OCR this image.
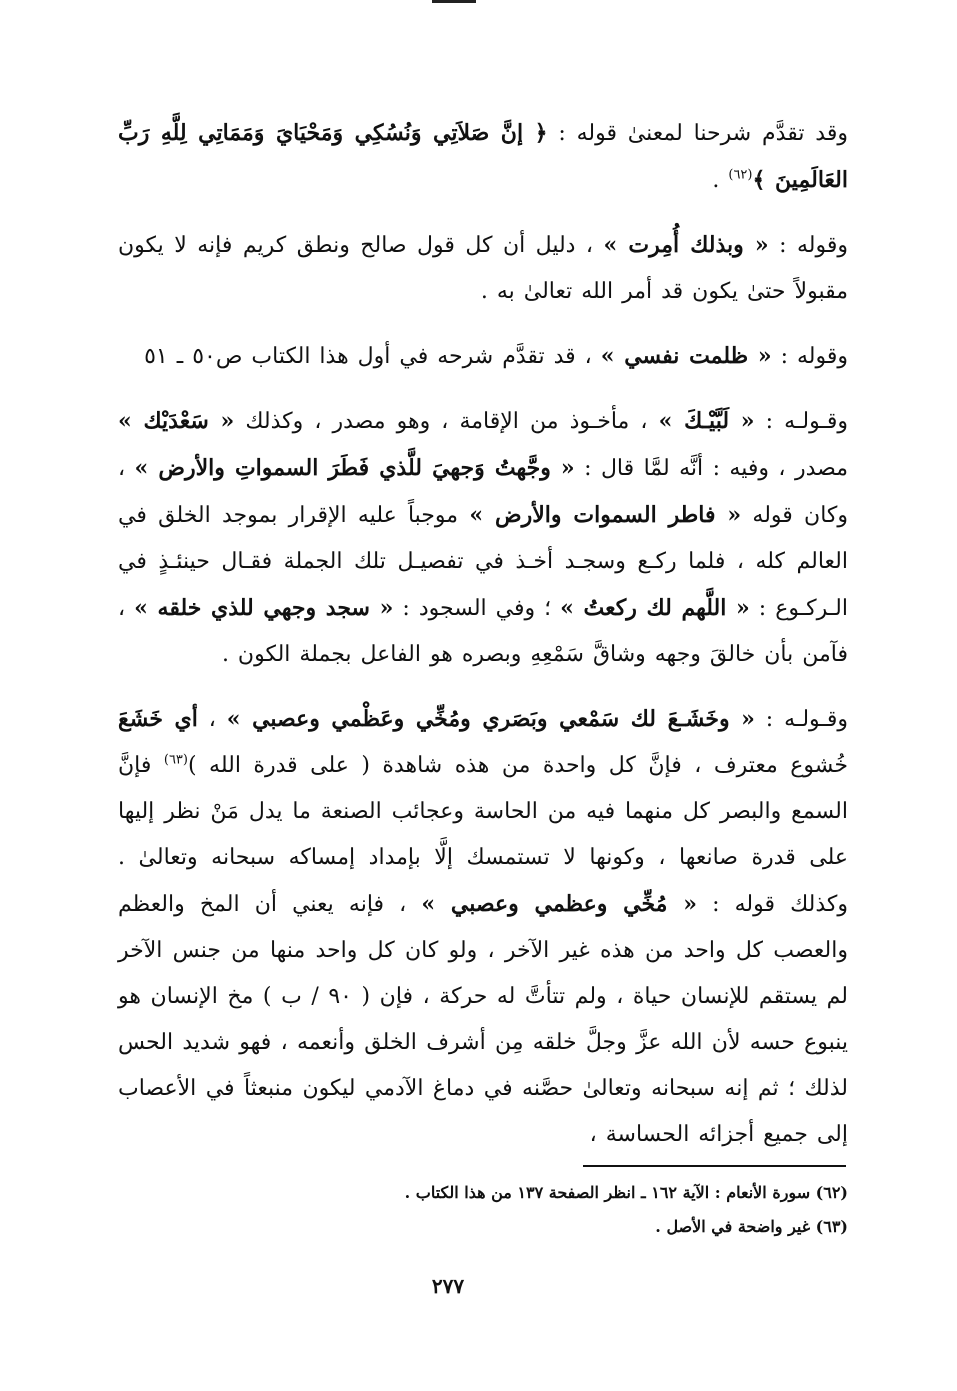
وقد تقدَّم شرحنا لمعنىٰ قوله : ﴿ إنَّ صَلاَتِي وَنُسُكِي وَمَحْيَايَ وَمَمَاتِي لِلَّهِ رَبِّ العَالَمِينَ ﴾$^{(٦٢)}$ .

وقوله : « وبذلك أُمِرت » ، دليل أن كل قول صالح ونطق كريم فإنه لا يكون مقبولاً حتىٰ يكون قد أمر الله تعالىٰ به .

وقوله : « ظلمت نفسي » ، قد تقدَّم شرحه في أول هذا الكتاب ص٥٠ ـ ٥١

وقـولـه : « لَبَّيْـكَ » ، مأخـوذ من الإقامة ، وهو مصدر ، وكذلك « سَعْدَيْك » مصدر ، وفيه : أنَّه لمَّا قال : « وجَّهتُ وَجهيَ للَّذي فَطَرَ السمواتِ والأرض » ، وكان قوله « فاطر السموات والأرض » موجباً عليه الإقرار بموجد الخلق في العالم كله ، فلما ركـع وسجـد أخـذ في تفصيـل تلك الجملة فقـال حينئـذٍ في الـركـوع : « اللَّهم لك ركعتُ » ؛ وفي السجود : « سجد وجهي للذي خلقه » ، فآمن بأن خالقَ وجهه وشاقَّ سَمْعِهِ وبصره هو الفاعل بجملة الكون .

وقـولـه : « وخَشَـعَ لك سَمْعي وبَصَري ومُخِّي وعَظْمي وعصبي » ، أي خَشَعَ خُشوع معترف ، فإنَّ كل واحدة من هذه شاهدة ( على قدرة الله )$^{(٦٣)}$ فإنَّ السمع والبصر كل منهما فيه من الحاسة وعجائب الصنعة ما يدل مَنْ نظر إليها على قدرة صانعها ، وكونها لا تستمسك إلَّا بإمداد إمساكه سبحانه وتعالىٰ . وكذلك قوله : « مُخِّي وعظمي وعصبي » ، فإنه يعني أن المخ والعظم والعصب كل واحد من هذه غير الآخر ، ولو كان كل واحد منها من جنس الآخر لم يستقم للإنسان حياة ، ولم تتأتَّ له حركة ، فإن ( ٩٠ / ب ) مخ الإنسان هو ينبوع حسه لأن الله عزَّ وجلَّ خلقه مِن أشرف الخلق وأنعمه ، فهو شديد الحس لذلك ؛ ثم إنه سبحانه وتعالىٰ حصَّنه في دماغ الآدمي ليكون منبعثاً في الأعصاب إلى جميع أجزائه الحساسة ،

(٦٢) سورة الأنعام : الآية ١٦٢ ـ انظر الصفحة ١٣٧ من هذا الكتاب .

(٦٣) غير واضحة في الأصل .

٢٧٧
